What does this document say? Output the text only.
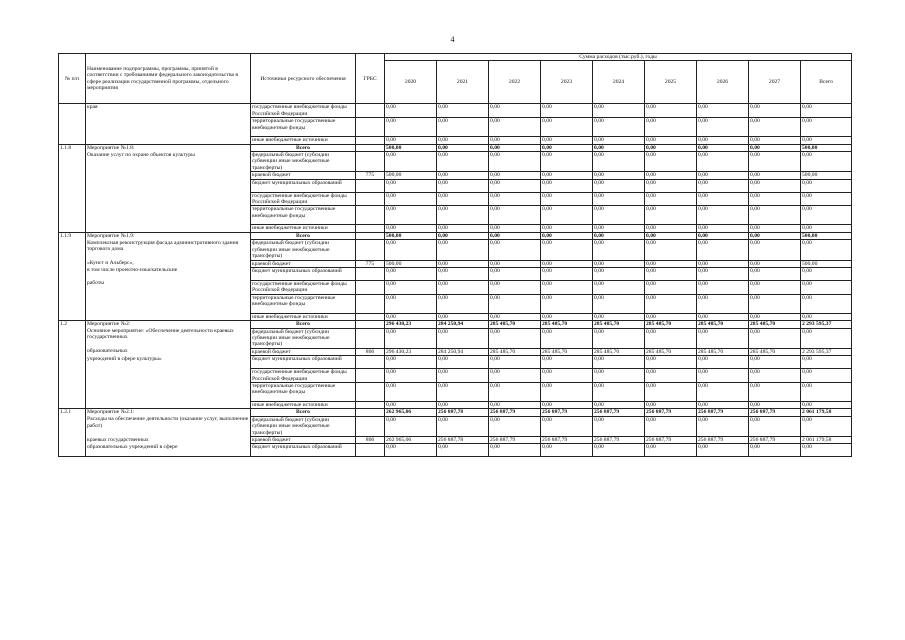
4
№ п/п	Наименование подпрограммы, программы, принятой в соответствии с требованиями федерального законодательства в сфере реализации государственной программы, отдельного мероприятия	Источники ресурсного обеспечения	ГРБС	Сумма расходов (тыс.руб.), годы								
				2020	2021	2022	2023	2024	2025	2026	2027	Всего
	края	государственные внебюджетные фонды Российской Федерации		0,00	0,00	0,00	0,00	0,00	0,00	0,00	0,00	0,00
		территориальные государственные внебюджетные фонды		0,00	0,00	0,00	0,00	0,00	0,00	0,00	0,00	0,00
		иные внебюджетные источники		0,00	0,00	0,00	0,00	0,00	0,00	0,00	0,00	0,00
1.1.8	Мероприятие №1.8:	Всего		500,00	0,00	0,00	0,00	0,00	0,00	0,00	0,00	500,00
	Оказание услуг по охране объектов культуры	федеральный бюджет (субсидии субвенции иные межбюджетные трансферты)		0,00	0,00	0,00	0,00	0,00	0,00	0,00	0,00	0,00
		краевой бюджет	775	500,00	0,00	0,00	0,00	0,00	0,00	0,00	0,00	500,00
		бюджет муниципальных образований		0,00	0,00	0,00	0,00	0,00	0,00	0,00	0,00	0,00
		государственные внебюджетные фонды Российской Федерации		0,00	0,00	0,00	0,00	0,00	0,00	0,00	0,00	0,00
		территориальные государственные внебюджетные фонды		0,00	0,00	0,00	0,00	0,00	0,00	0,00	0,00	0,00
		иные внебюджетные источники		0,00	0,00	0,00	0,00	0,00	0,00	0,00	0,00	0,00
1.1.9	Мероприятие №1.9:	Всего		500,00	0,00	0,00	0,00	0,00	0,00	0,00	0,00	500,00
	Комплексная реконструкция фасада административного здания торгового дома	федеральный бюджет (субсидии субвенции иные межбюджетные трансферты)		0,00	0,00	0,00	0,00	0,00	0,00	0,00	0,00	0,00
	«Кунст и Альберс»,	краевой бюджет	775	500,00	0,00	0,00	0,00	0,00	0,00	0,00	0,00	500,00
	в том числе проектно-изыскательские	бюджет муниципальных образований		0,00	0,00	0,00	0,00	0,00	0,00	0,00	0,00	0,00
	работы	государственные внебюджетные фонды Российской Федерации		0,00	0,00	0,00	0,00	0,00	0,00	0,00	0,00	0,00
		территориальные государственные внебюджетные фонды		0,00	0,00	0,00	0,00	0,00	0,00	0,00	0,00	0,00
		иные внебюджетные источники		0,00	0,00	0,00	0,00	0,00	0,00	0,00	0,00	0,00
1.2	Мероприятие №2:	Всего		296 430,23	284 250,94	285 485,70	285 485,70	285 485,70	285 485,70	285 485,70	285 485,70	2 293 595,37
	Основное мероприятие: «Обеспечение деятельности краевых государственных	федеральный бюджет (субсидии субвенции иные межбюджетные трансферты)		0,00	0,00	0,00	0,00	0,00	0,00	0,00	0,00	0,00
	образовательных	краевой бюджет	806	296 430,23	284 250,94	285 485,70	285 485,70	285 485,70	285 485,70	285 485,70	285 485,70	2 293 595,37
	учреждений в сфере культуры»	бюджет муниципальных образований		0,00	0,00	0,00	0,00	0,00	0,00	0,00	0,00	0,00
		государственные внебюджетные фонды Российской Федерации		0,00	0,00	0,00	0,00	0,00	0,00	0,00	0,00	0,00
		территориальные государственные внебюджетные фонды		0,00	0,00	0,00	0,00	0,00	0,00	0,00	0,00	0,00
		иные внебюджетные источники		0,00	0,00	0,00	0,00	0,00	0,00	0,00	0,00	0,00
1.2.1	Мероприятие №2.1:	Всего		262 965,06	256 887,78	256 887,79	256 887,79	256 887,79	256 887,79	256 887,79	256 887,79	2 061 179,58
	Расходы на обеспечение деятельности (оказание услуг, выполнение работ)	федеральный бюджет (субсидии субвенции иные межбюджетные трансферты)		0,00	0,00	0,00	0,00	0,00	0,00	0,00	0,00	0,00
	краевых государственных	краевой бюджет	806	262 965,06	256 887,78	256 887,79	256 887,79	256 887,79	256 887,79	256 887,79	256 887,79	2 061 179,58
	образовательных учреждений в сфере	бюджет муниципальных образований		0,00	0,00	0,00	0,00	0,00	0,00	0,00	0,00	0,00
